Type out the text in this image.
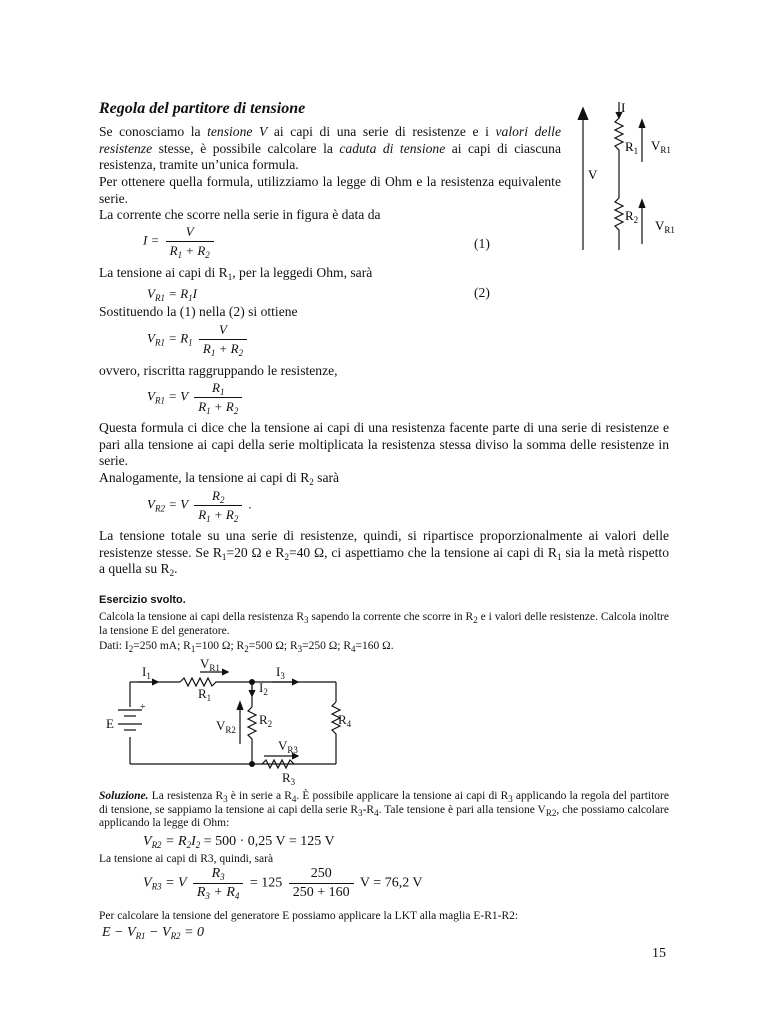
Regola del partitore di tensione
Se conosciamo la tensione V ai capi di una serie di resistenze e i valori delle resistenze stesse, è possibile calcolare la caduta di tensione ai capi di ciascuna resistenza, tramite un’unica formula.
Per ottenere quella formula, utilizziamo la legge di Ohm e la resistenza equivalente serie.
La corrente che scorre nella serie in figura è data da
$I = \frac{V}{R_1 + R_2}$	(1)
La tensione ai capi di $R_1$, per la leggedi Ohm, sarà
$V_{R1} = R_1I$	(2)
Sostituendo la (1) nella (2) si ottiene
$V_{R1} = R_1 \frac{V}{R_1 + R_2}$
ovvero, riscritta raggruppando le resistenze,
$V_{R1} = V \frac{R_1}{R_1 + R_2}$
Questa formula ci dice che la tensione ai capi di una resistenza facente parte di una serie di resistenze e pari alla tensione ai capi della serie moltiplicata la resistenza stessa diviso la somma delle resistenze in serie.
Analogamente, la tensione ai capi di $R_2$ sarà
$V_{R2} = V \frac{R_2}{R_1 + R_2}$ .
La tensione totale su una serie di resistenze, quindi, si ripartisce proporzionalmente ai valori delle resistenze stesse. Se $R_1=20$ Ω e $R_2=40$ Ω, ci aspettiamo che la tensione ai capi di $R_1$ sia la metà rispetto a quella su $R_2$.
I
$R_1$ $V_{R1}$
V
$R_2$ $V_{R1}$
Esercizio svolto.
Calcola la tensione ai capi della resistenza $R_3$ sapendo la corrente che scorre in $R_2$ e i valori delle resistenze. Calcola inoltre la tensione E del generatore.
Dati: $I_2=250$ mA; $R_1=100$ Ω; $R_2=500$ Ω; $R_3=250$ Ω; $R_4=160$ Ω.
$I_1$
$V_{R1}$
$R_1$
$I_3$
$I_2$
E
+
$V_{R2}$
$R_2$	$R_4$
$V_{R3}$
$R_3$
Soluzione. La resistenza $R_3$ è in serie a $R_4$. È possibile applicare la tensione ai capi di $R_3$ applicando la regola del partitore di tensione, se sappiamo la tensione ai capi della serie $R_3-R_4$. Tale tensione è pari alla tensione $V_{R2}$, che possiamo calcolare applicando la legge di Ohm:
$V_{R2} = R_2I_2 = 500 \cdot 0,25$ V = 125 V
La tensione ai capi di R3, quindi, sarà
$V_{R3} = V \frac{R_3}{R_3 + R_4} = 125 \frac{250}{250 + 160}$ V = 76,2 V
Per calcolare la tensione del generatore E possiamo applicare la LKT alla maglia E-R1-R2:
$E - V_{R1} - V_{R2} = 0$
15
